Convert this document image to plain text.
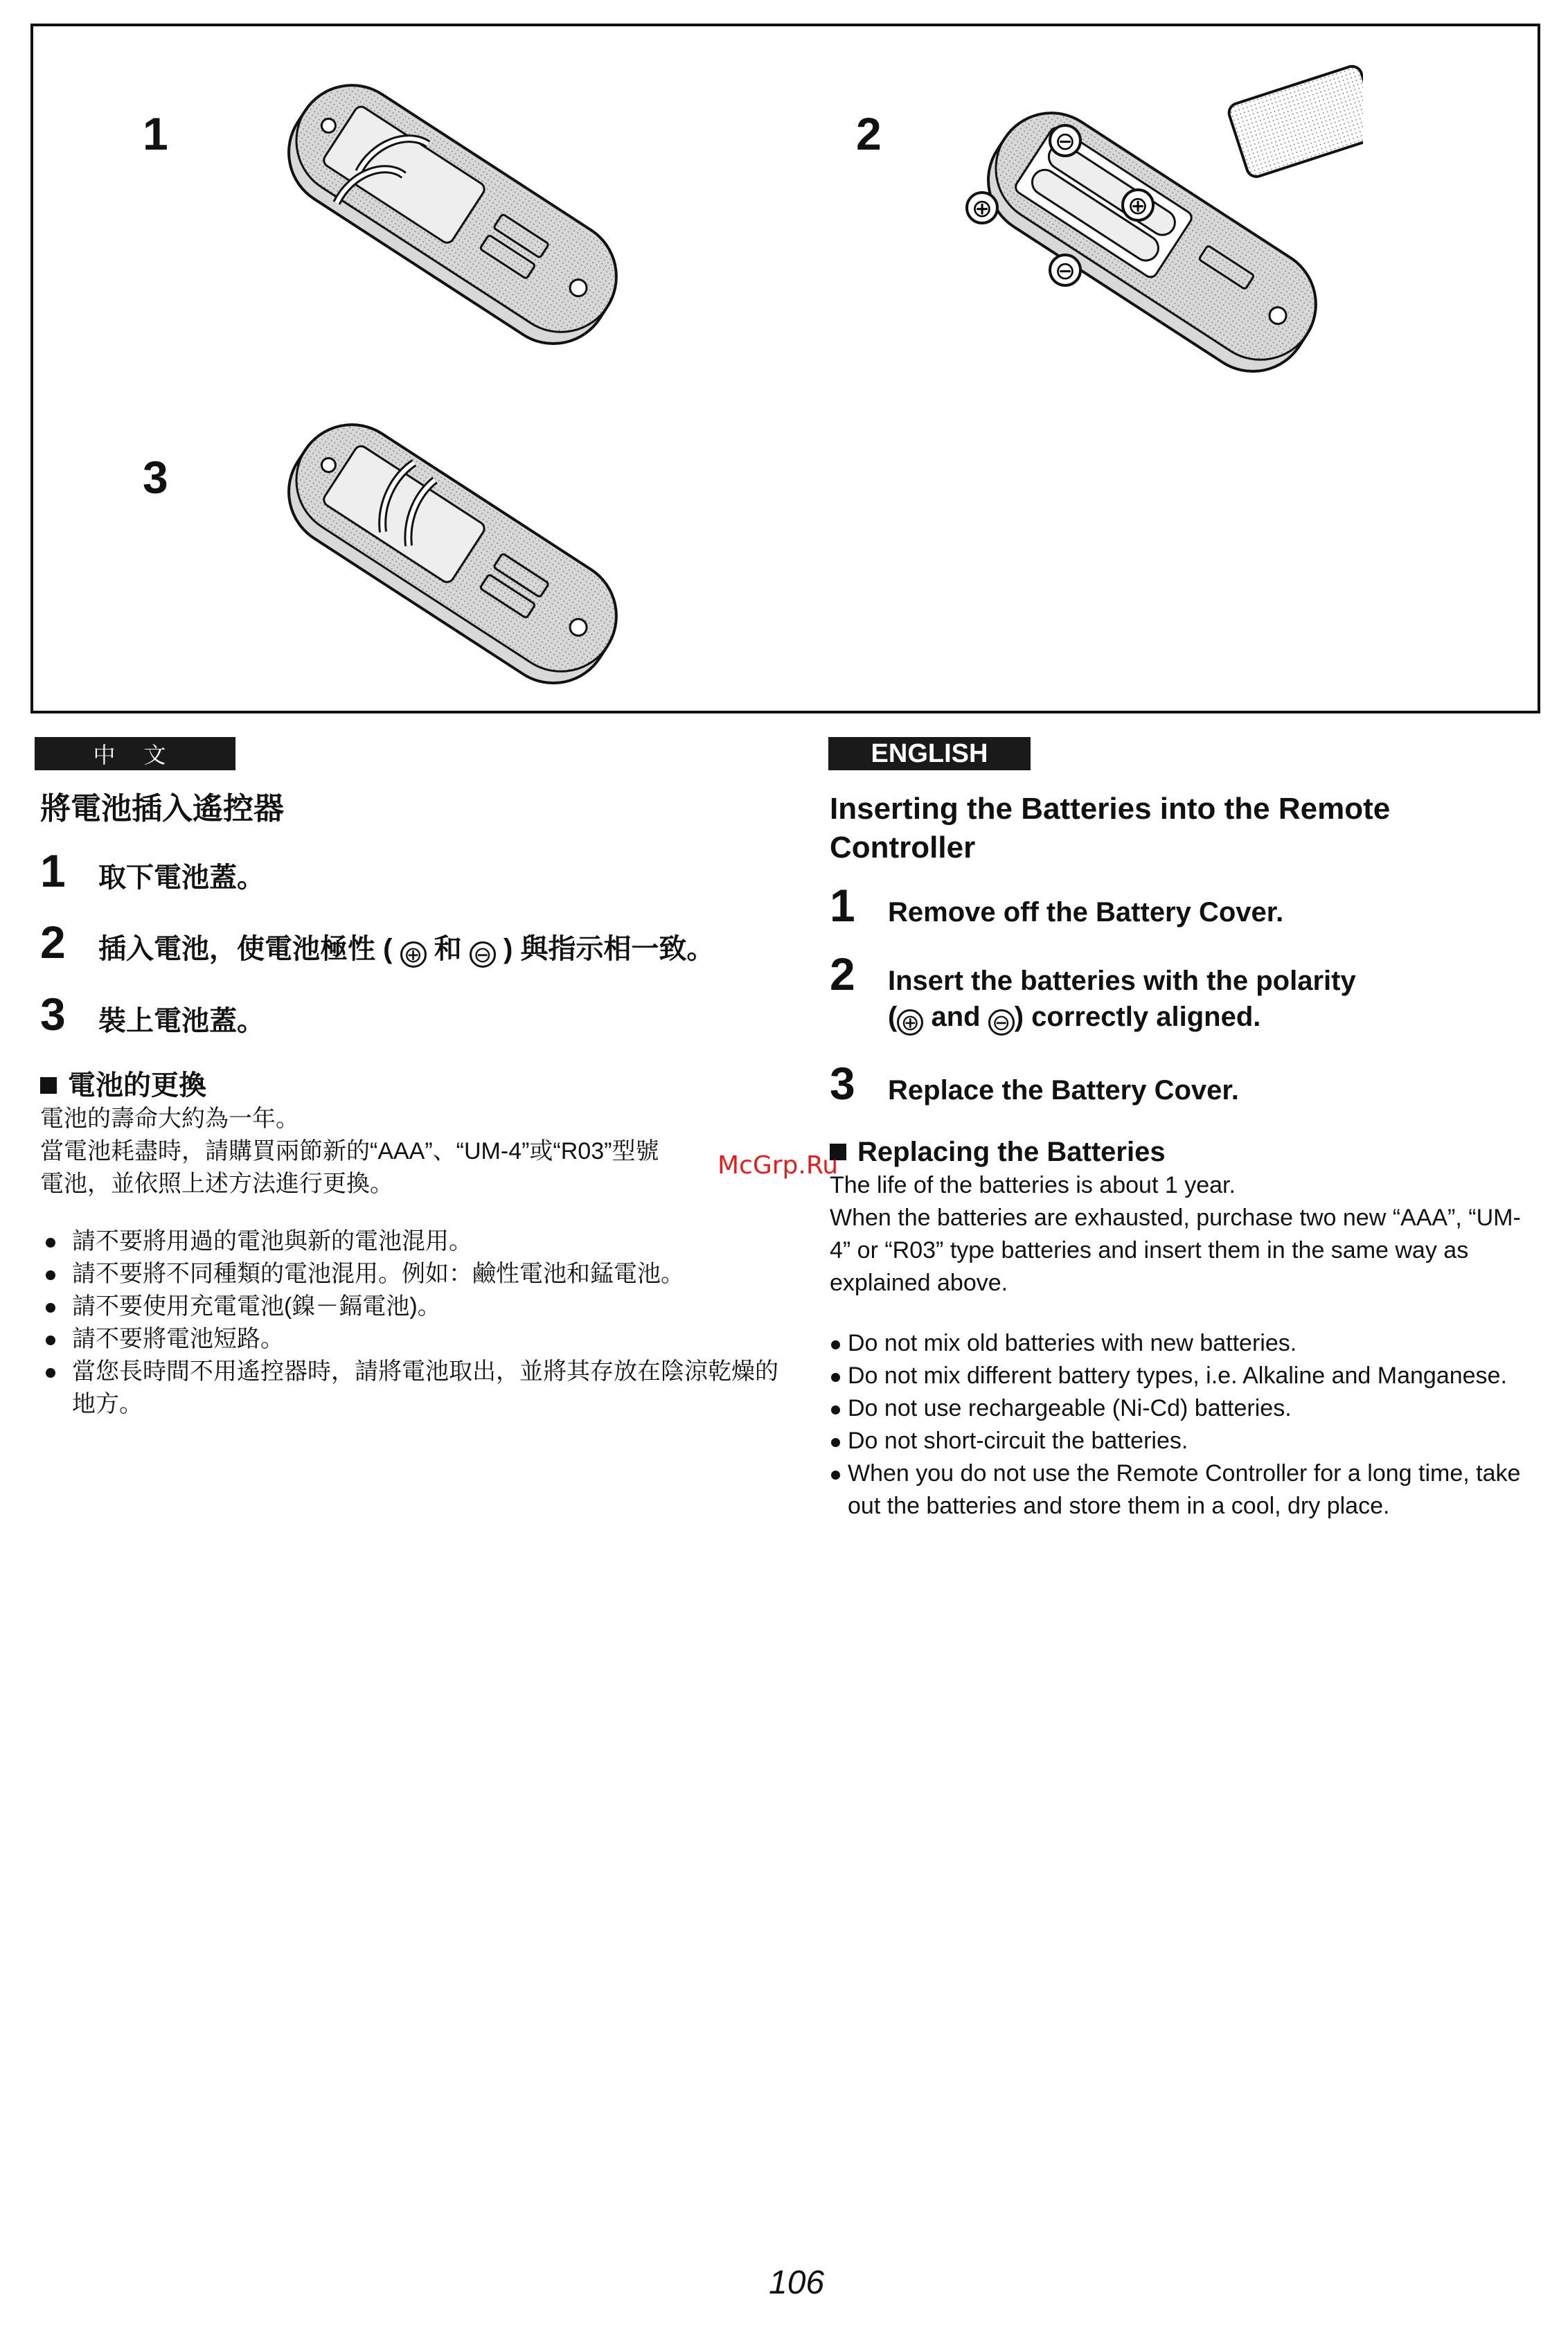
1	2
3
⊖
⊕	⊕
⊖
中 文	ENGLISH
將電池插入遙控器
1	取下電池蓋。
2	插入電池，使電池極性 ( ⊕ 和 ⊖ ) 與指示相一致。
3	裝上電池蓋。
電池的更換

電池的壽命大約為一年。

當電池耗盡時，請購買兩節新的“AAA”、“UM-4”或“R03”型號

電池，並依照上述方法進行更換。

請不要將用過的電池與新的電池混用。
請不要將不同種類的電池混用。例如：鹼性電池和錳電池。
請不要使用充電電池(鎳－鎘電池)。
請不要將電池短路。
當您長時間不用遙控器時，請將電池取出，並將其存放在陰涼乾燥的地方。
Inserting the Batteries into the Remote Controller
1	Remove off the Battery Cover.
2	Insert the batteries with the polarity
( ⊕ and ⊖ ) correctly aligned.
3	Replace the Battery Cover.
Replacing the Batteries

The life of the batteries is about 1 year.

When the batteries are exhausted, purchase two new “AAA”, “UM-4” or “R03” type batteries and insert them in the same way as explained above.

Do not mix old batteries with new batteries.
Do not mix different battery types, i.e. Alkaline and Manganese.
Do not use rechargeable (Ni-Cd) batteries.
Do not short-circuit the batteries.
When you do not use the Remote Controller for a long time, take out the batteries and store them in a cool, dry place.
McGrp.Ru
106
